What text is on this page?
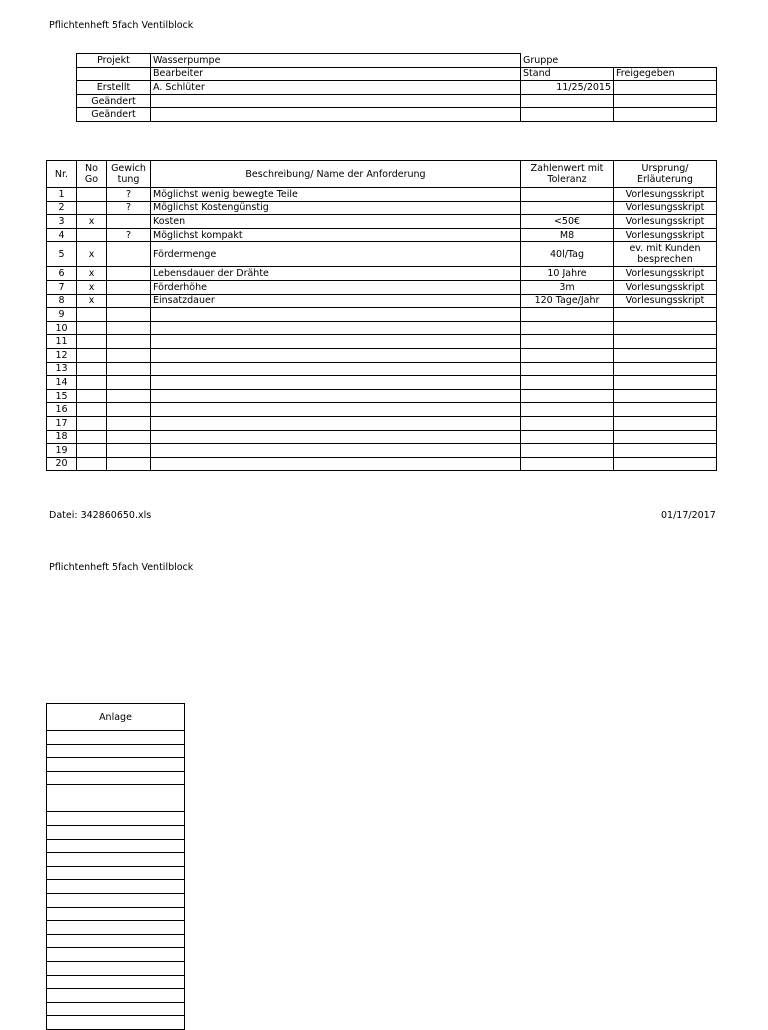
Pflichtenheft 5fach Ventilblock
Projekt	Wasserpumpe	Gruppe	
	Bearbeiter	Stand	Freigegeben
Erstellt	A. Schlüter	11/25/2015	
Geändert			
Geändert			
Nr.	No Go	Gewich tung	Beschreibung/ Name der Anforderung	Zahlenwert mit Toleranz	Ursprung/ Erläuterung
1		?	Möglichst wenig bewegte Teile		Vorlesungsskript
2		?	Möglichst Kostengünstig		Vorlesungsskript
3	x		Kosten	<50€	Vorlesungsskript
4		?	Möglichst kompakt	M8	Vorlesungsskript
5	x		Fördermenge	40l/Tag	ev. mit Kunden besprechen
6	x		Lebensdauer der Drähte	10 Jahre	Vorlesungsskript
7	x		Förderhöhe	3m	Vorlesungsskript
8	x		Einsatzdauer	120 Tage/Jahr	Vorlesungsskript
9					
10					
11					
12					
13					
14					
15					
16					
17					
18					
19					
20					
Datei: 342860650.xls	01/17/2017
Pflichtenheft 5fach Ventilblock
Anlage
